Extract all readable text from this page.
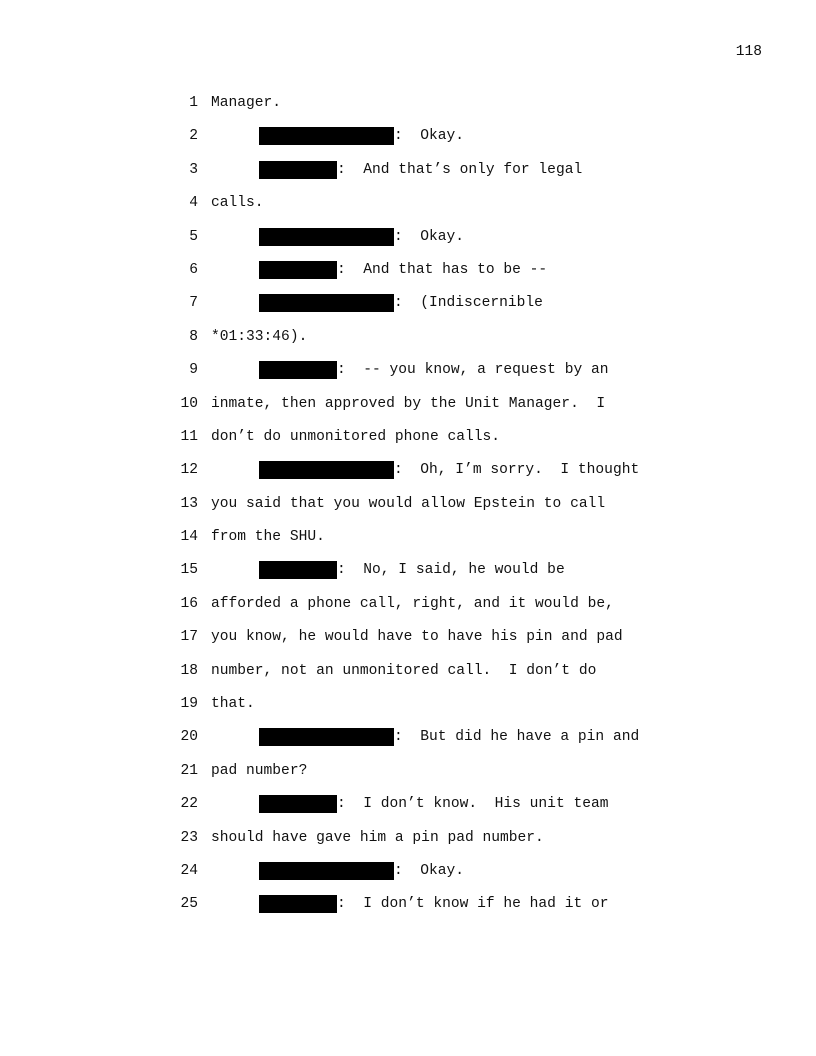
118
1 Manager.
2	:  Okay.
3	:  And that’s only for legal
4 calls.
5	:  Okay.
6	:  And that has to be --
7	:  (Indiscernible
8 *01:33:46).
9	:  -- you know, a request by an
10 inmate, then approved by the Unit Manager.  I
11 don’t do unmonitored phone calls.
12	:  Oh, I’m sorry.  I thought
13 you said that you would allow Epstein to call
14 from the SHU.
15	:  No, I said, he would be
16 afforded a phone call, right, and it would be,
17 you know, he would have to have his pin and pad
18 number, not an unmonitored call.  I don’t do
19 that.
20	:  But did he have a pin and
21 pad number?
22	:  I don’t know.  His unit team
23 should have gave him a pin pad number.
24	:  Okay.
25	:  I don’t know if he had it or
